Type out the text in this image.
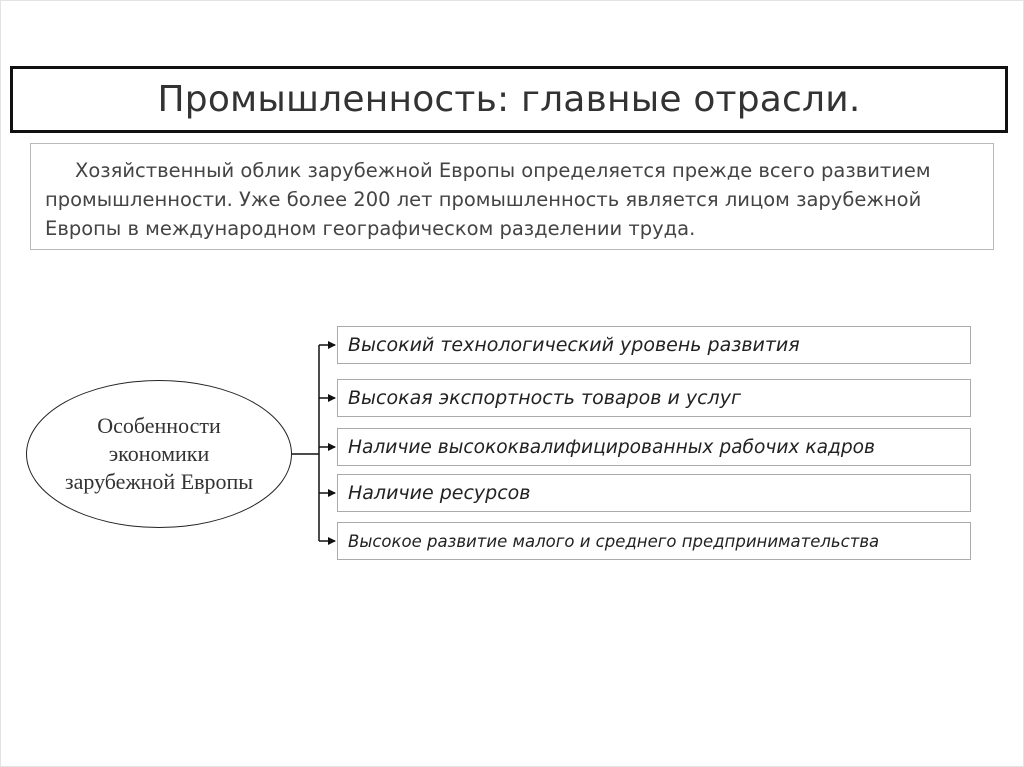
Промышленность: главные отрасли.

Хозяйственный облик зарубежной Европы определяется прежде всего развитием промышленности. Уже более 200 лет промышленность является лицом зарубежной Европы в международном географическом разделении труда.

Особенности
экономики
зарубежной Европы

Высокий технологический уровень развития
Высокая экспортность товаров и услуг
Наличие высококвалифицированных рабочих кадров
Наличие ресурсов
Высокое развитие малого и среднего предпринимательства
